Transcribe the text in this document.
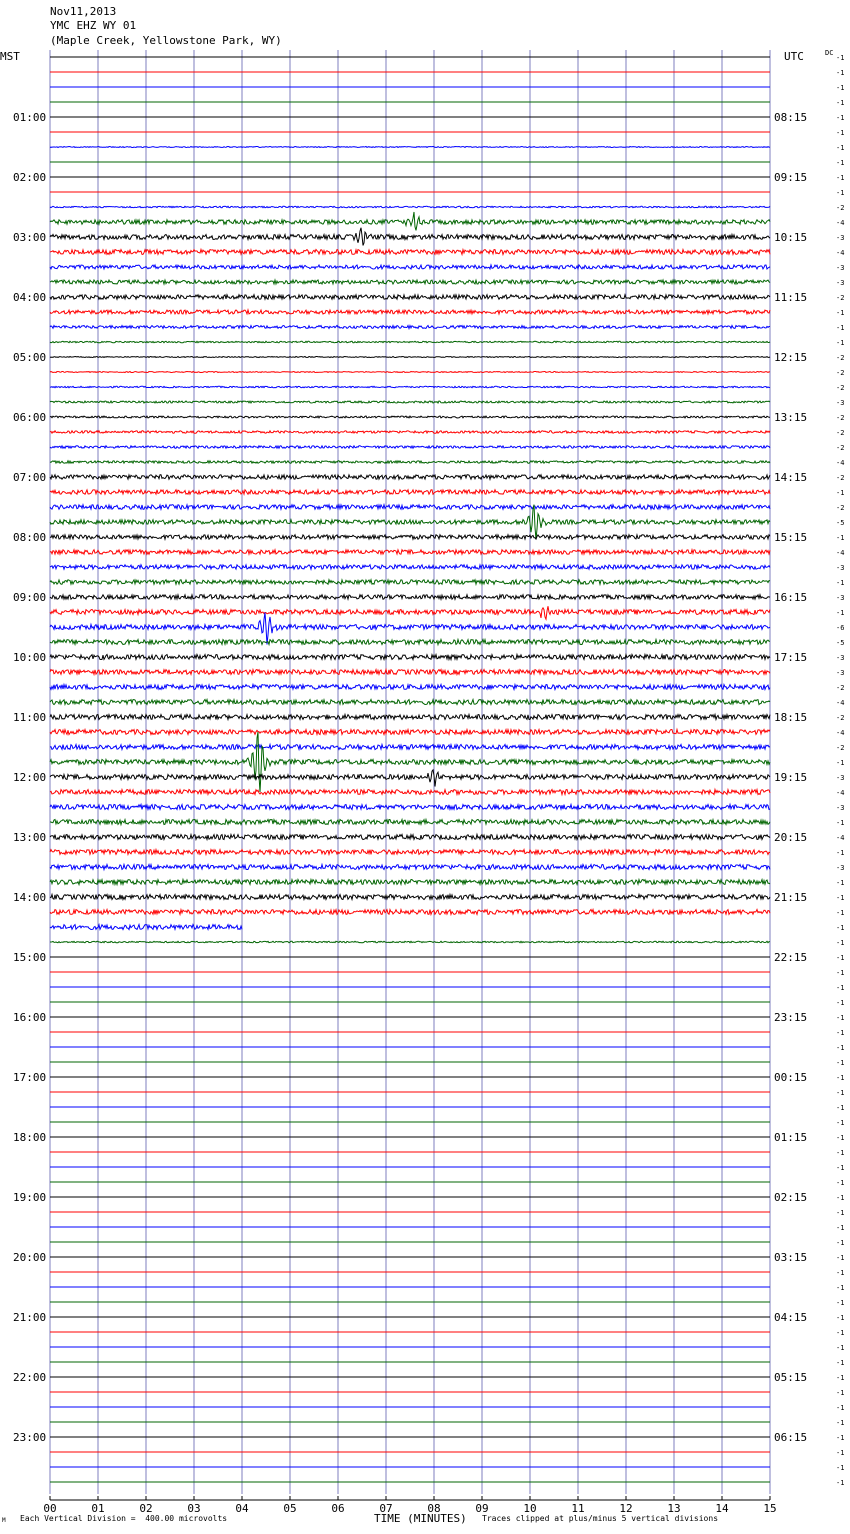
Nov11,2013
YMC EHZ WY 01
(Maple Creek, Yellowstone Park, WY)
MST	UTC	DC
-1
-1
-1
-1
-1
-1
-1
-1
-1
-1
-2
-4
-3
-4
-3
-3
-2
-1
-1
-1
-2
-2
-2
-3
-2
-2
-2
-4
-2
-1
-2
-5
-1
-4
-3
-1
-3
-1
-6
-5
-3
-3
-2
-4
-2
-4
-2
-1
-3
-4
-3
-1
-4
-1
-3
-1
-1
-1
-1
-1
-1
-1
-1
-1
-1
-1
-1
-1
-1
-1
-1
-1
-1
-1
-1
-1
-1
-1
-1
-1
-1
-1
-1
-1
-1
-1
-1
-1
-1
-1
-1
-1
-1
-1
-1
-1
01:00	08:15
02:00	09:15
03:00	10:15
04:00	11:15
05:00	12:15
06:00	13:15
07:00	14:15
08:00	15:15
09:00	16:15
10:00	17:15
11:00	18:15
12:00	19:15
13:00	20:15
14:00	21:15
15:00	22:15
16:00	23:15
17:00	00:15
18:00	01:15
19:00	02:15
20:00	03:15
21:00	04:15
22:00	05:15
23:00	06:15
00	01	02	03	04	05	06	07	08	09	10	11	12	13	14	15
M Each Vertical Division =  400.00 microvolts	TIME (MINUTES) Traces clipped at plus/minus 5 vertical divisions
